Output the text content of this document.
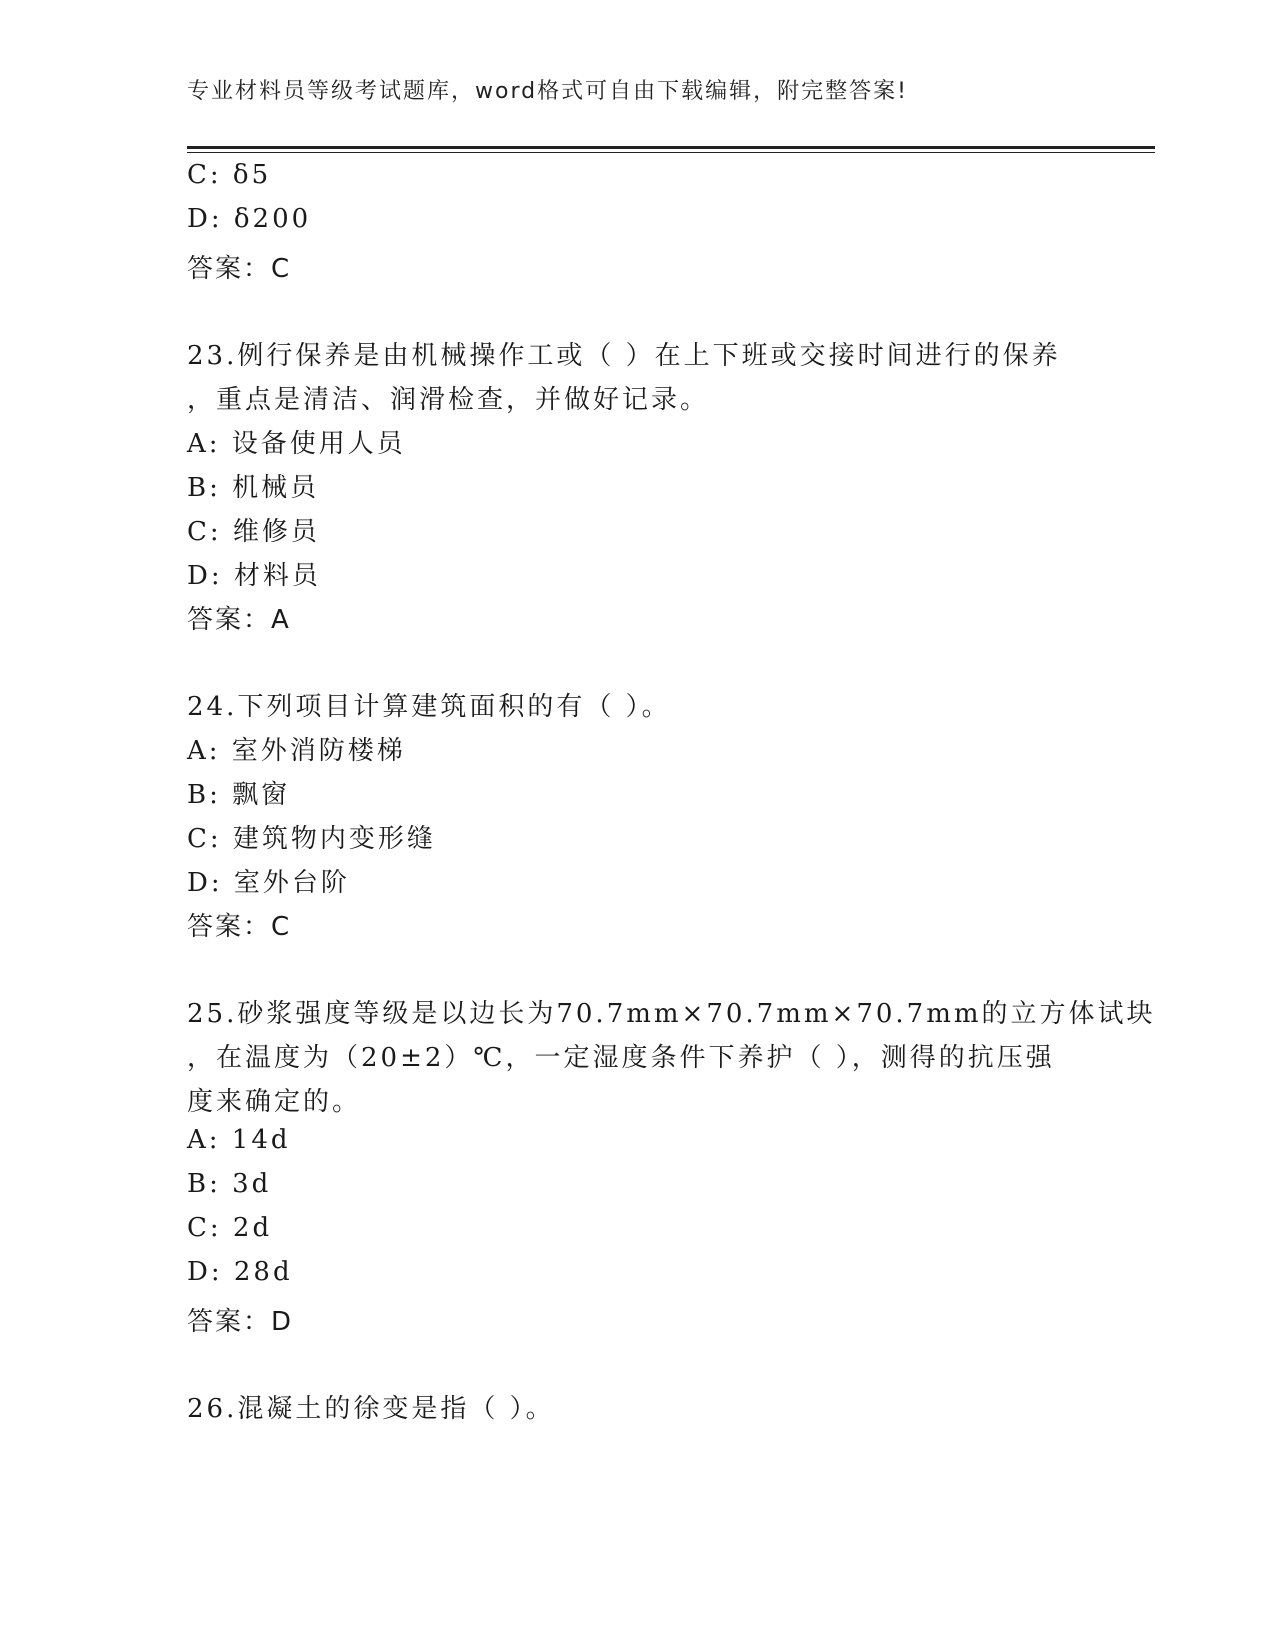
专业材料员等级考试题库，word格式可自由下载编辑，附完整答案!
C: δ5
D: δ200
答案：C
23.例行保养是由机械操作工或（ ）在上下班或交接时间进行的保养
，重点是清洁、润滑检查，并做好记录。
A: 设备使用人员
B: 机械员
C: 维修员
D: 材料员
答案：A
24.下列项目计算建筑面积的有（ ）。
A: 室外消防楼梯
B: 飘窗
C: 建筑物内变形缝
D: 室外台阶
答案：C
25.砂浆强度等级是以边长为70.7mm×70.7mm×70.7mm的立方体试块
，在温度为（20±2）℃，一定湿度条件下养护（ ），测得的抗压强
度来确定的。
A: 14d
B: 3d
C: 2d
D: 28d
答案：D
26.混凝土的徐变是指（ ）。
